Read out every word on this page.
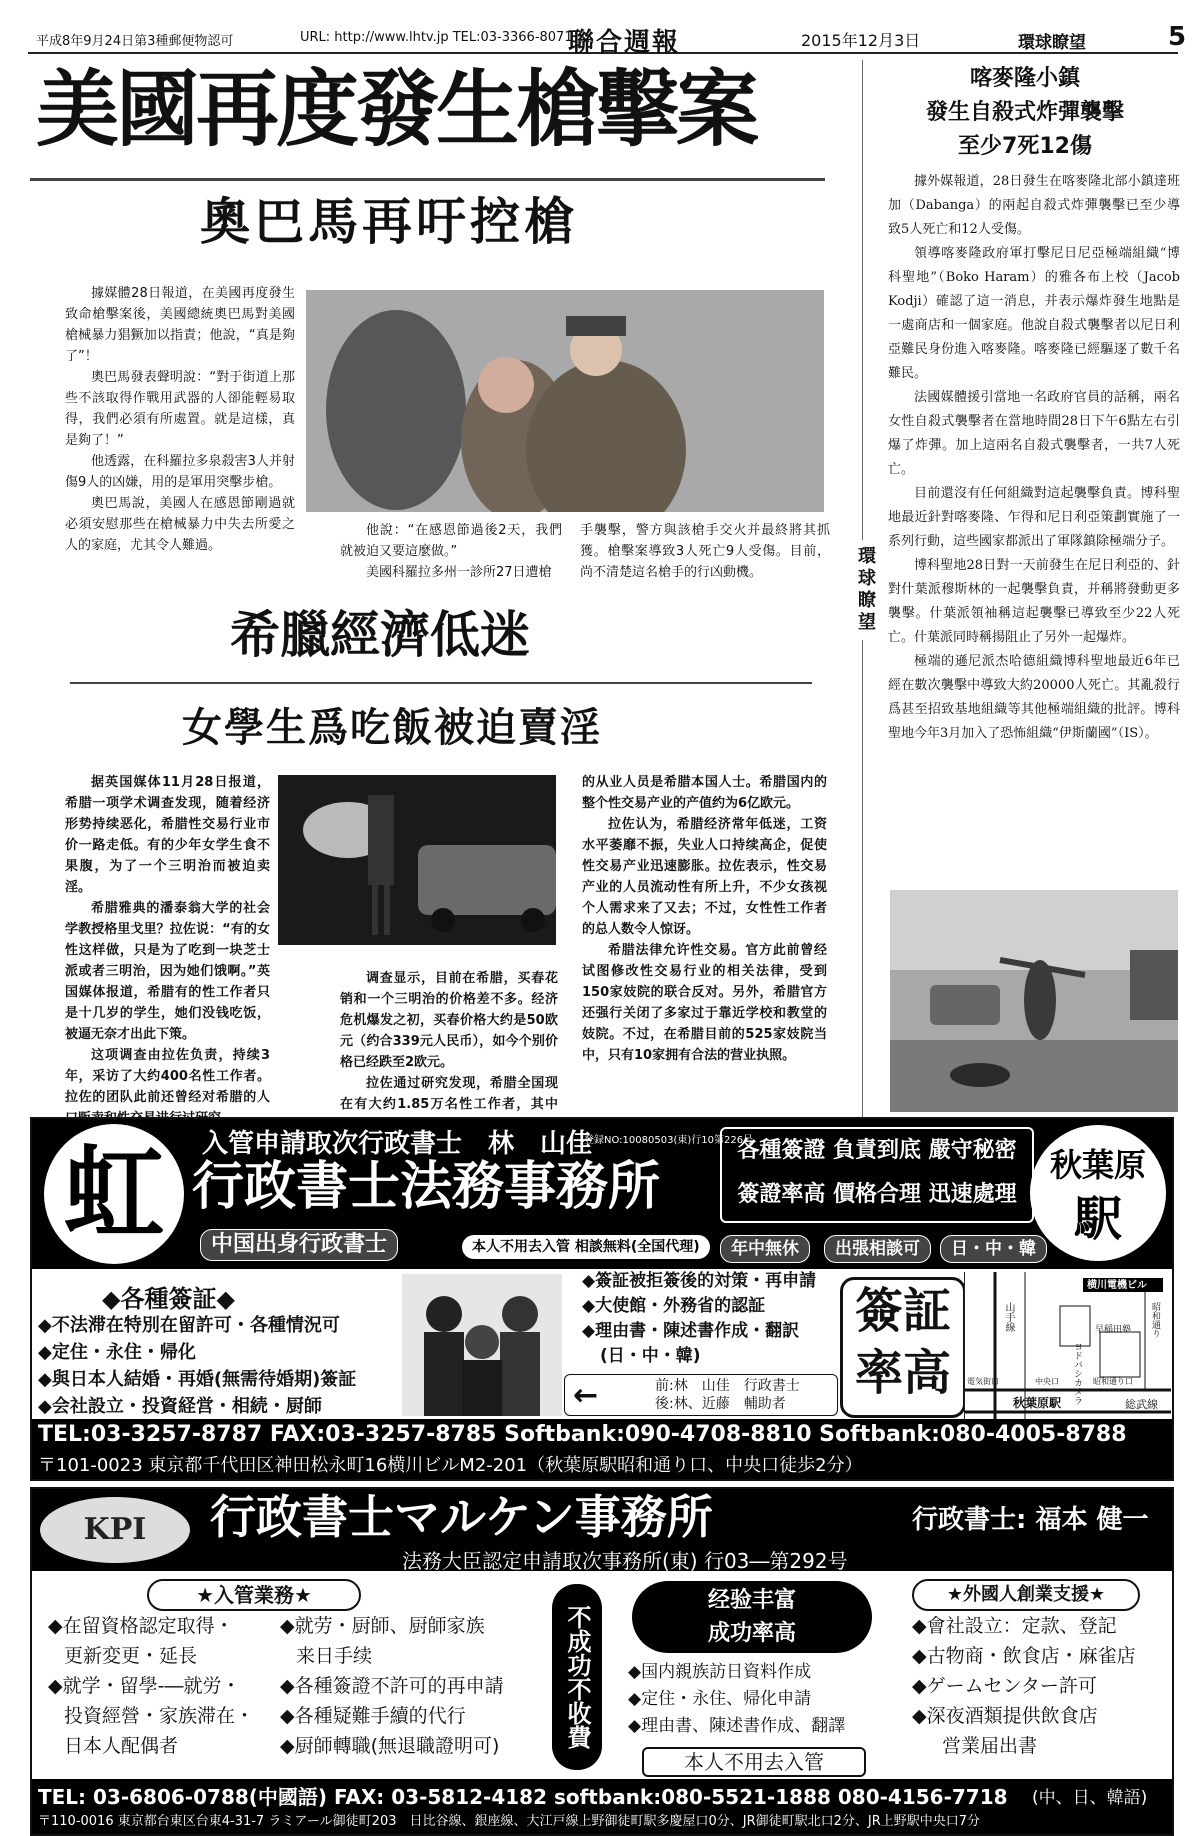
平成8年9月24日第3種郵便物認可	URL: http://www.lhtv.jp TEL:03-3366-8071
聯合週報	2015年12月3日	環球瞭望	5
美國再度發生槍擊案
奧巴馬再吁控槍

據媒體28日報道，在美國再度發生致命槍擊案後，美國總統奧巴馬對美國槍械暴力猖獗加以指責；他說，“真是夠了”！

奧巴馬發表聲明說：“對于街道上那些不該取得作戰用武器的人卻能輕易取得，我們必須有所處置。就是這樣，真是夠了！”

他透露，在科羅拉多泉殺害3人并射傷9人的凶嫌，用的是軍用突擊步槍。

奧巴馬說，美國人在感恩節剛過就必須安慰那些在槍械暴力中失去所愛之人的家庭，尤其令人難過。

他說：“在感恩節過後2天，我們就被迫又要這麼做。”

美國科羅拉多州一診所27日遭槍

手襲擊，警方與該槍手交火并最終將其抓獲。槍擊案導致3人死亡9人受傷。目前，尚不清楚這名槍手的行凶動機。

希臘經濟低迷
女學生爲吃飯被迫賣淫

据英国媒体11月28日报道，希腊一项学术调查发现，随着经济形势持续恶化，希腊性交易行业市价一路走低。有的少年女学生食不果腹，为了一个三明治而被迫卖淫。

希腊雅典的潘泰翁大学的社会学教授格里戈里？拉佐说：“有的女性这样做，只是为了吃到一块芝士派或者三明治，因为她们饿啊。”英国媒体报道，希腊有的性工作者只是十几岁的学生，她们没钱吃饭，被逼无奈才出此下策。

这项调查由拉佐负责，持续3年，采访了大约400名性工作者。拉佐的团队此前还曾经对希腊的人

调查显示，目前在希腊，买春花销和一个三明治的价格差不多。经济危机爆发之初，买春价格大约是50欧元（约合339元人民币），如今个别价格已经跌至2欧元。

拉佐通过研究发现，希腊全国现在有大约1.85万名性工作者，其中

的从业人员是希腊本国人士。希腊国内的整个性交易产业的产值约为6亿欧元。

拉佐认为，希腊经济常年低迷，工资水平萎靡不振，失业人口持续高企，促使性交易产业迅速膨胀。拉佐表示，性交易产业的人员流动性有所上升，不少女孩视个人需求来了又去；不过，女性性工作者的总人数令人惊讶。

希腊法律允许性交易。官方此前曾经试图修改性交易行业的相关法律，受到150家妓院的联合反对。另外，希腊官方还强行关闭了多家过于靠近学校和教堂的妓院。不过，在希腊目前的525家妓院当中，只有10家拥有合法的营业执照。

環球瞭望
喀麥隆小鎮
發生自殺式炸彈襲擊
至少7死12傷

據外媒報道，28日發生在喀麥隆北部小鎮達班加（Dabanga）的兩起自殺式炸彈襲擊已至少導致5人死亡和12人受傷。

領導喀麥隆政府軍打擊尼日尼亞極端組織“博科聖地”（Boko Haram）的雅各布上校（Jacob Kodji）確認了這一消息，并表示爆炸發生地點是一處商店和一個家庭。他說自殺式襲擊者以尼日利亞難民身份進入喀麥隆。喀麥隆已經驅逐了數千名難民。

法國媒體援引當地一名政府官員的話稱，兩名女性自殺式襲擊者在當地時間28日下午6點左右引爆了炸彈。加上這兩名自殺式襲擊者，一共7人死亡。

目前還沒有任何組織對這起襲擊負責。博科聖地最近針對喀麥隆、乍得和尼日利亞策劃實施了一系列行動，這些國家都派出了軍隊鎮除極端分子。

博科聖地28日對一天前發生在尼日利亞的、針對什葉派穆斯林的一起襲擊負責，并稱將發動更多襲擊。什葉派領袖稱這起襲擊已導致至少22人死亡。什葉派同時稱揚阻止了另外一起爆炸。

極端的遜尼派杰哈德組織博科聖地最近6年已經在數次襲擊中導致大約20000人死亡。其亂殺行爲甚至招致基地組織等其他極端組織的批評。博科聖地今年3月加入了恐怖組織“伊斯蘭國”（IS）。

虹	入管申請取次行政書士　林　山佳
登録NO:10080503(東)行10第226号
行政書士法務事務所
中国出身行政書士
各種簽證 負責到底 嚴守秘密
簽證率高 價格合理 迅速處理
秋葉原
駅
本人不用去入管 相談無料(全国代理)	年中無休	出張相談可	日・中・韓
◆各種簽証◆
◆不法滞在特別在留許可・各種情況可
◆定住・永住・帰化
◆與日本人結婚・再婚(無需待婚期)簽証
◆会社設立・投資経営・相続・厨師
◆簽証被拒簽後的対策・再申請
◆大使館・外務省的認証
◆理由書・陳述書作成・翻訳
(日・中・韓)
←	前:林　山佳　行政書士
後:林、近藤　輔助者
簽証
率高
横川電機ビル
山手線	早稲田塾
ヨドバシカメラ
昭和通り
秋葉原駅	総武線
電気街口	中央口	昭和通り口
TEL:03-3257-8787 FAX:03-3257-8785 Softbank:090-4708-8810 Softbank:080-4005-8788
〒101-0023 東京都千代田区神田松永町16横川ビルM2-201（秋葉原駅昭和通り口、中央口徒歩2分）
KPI	行政書士マルケン事務所	行政書士: 福本 健一
法務大臣認定申請取次事務所(東) 行03―第292号
★入管業務★
◆在留資格認定取得・
更新変更・延長
◆就学・留學-―就労・
投資經營・家族滞在・
日本人配偶者
◆就劳・厨師、厨師家族
来日手续
◆各種簽證不許可的再申請
◆各種疑難手續的代行
◆厨師轉職(無退職證明可)	不成功不收費
经验丰富
成功率高
◆国内親族訪日資料作成
◆定住・永住、帰化申請
◆理由書、陳述書作成、翻譯
本人不用去入管
★外國人創業支援★
◆會社設立：定款、登記
◆古物商・飲食店・麻雀店
◆ゲームセンター許可
◆深夜酒類提供飲食店
営業届出書
TEL: 03-6806-0788(中國語) FAX: 03-5812-4182 softbank:080-5521-1888 080-4156-7718 (中、日、韓語)
〒110-0016 東京都台東区台東4-31-7 ラミアール御徒町203　日比谷線、銀座線、大江戸線上野御徒町駅多慶屋口0分、JR御徒町駅北口2分、JR上野駅中央口7分
